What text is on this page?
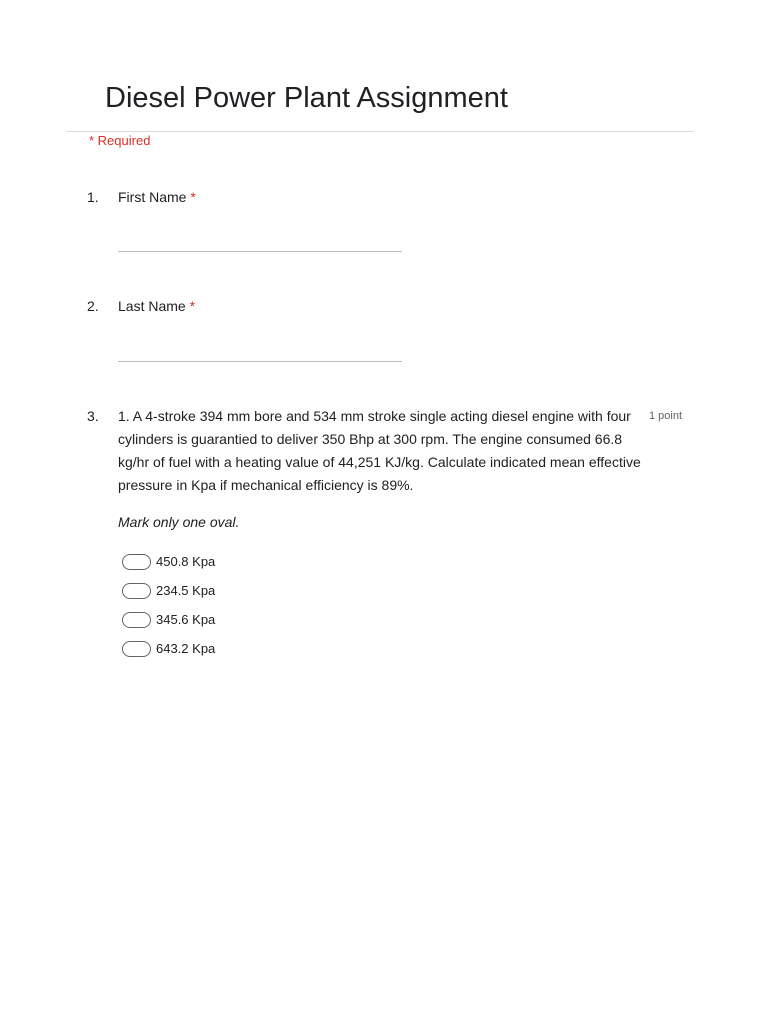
Diesel Power Plant Assignment
* Required
1. First Name *
2. Last Name *
3. 1. A 4-stroke 394 mm bore and 534 mm stroke single acting diesel engine with four cylinders is guarantied to deliver 350 Bhp at 300 rpm. The engine consumed 66.8 kg/hr of fuel with a heating value of 44,251 KJ/kg. Calculate indicated mean effective pressure in Kpa if mechanical efficiency is 89%.
1 point
Mark only one oval.
450.8 Kpa
234.5 Kpa
345.6 Kpa
643.2 Kpa
